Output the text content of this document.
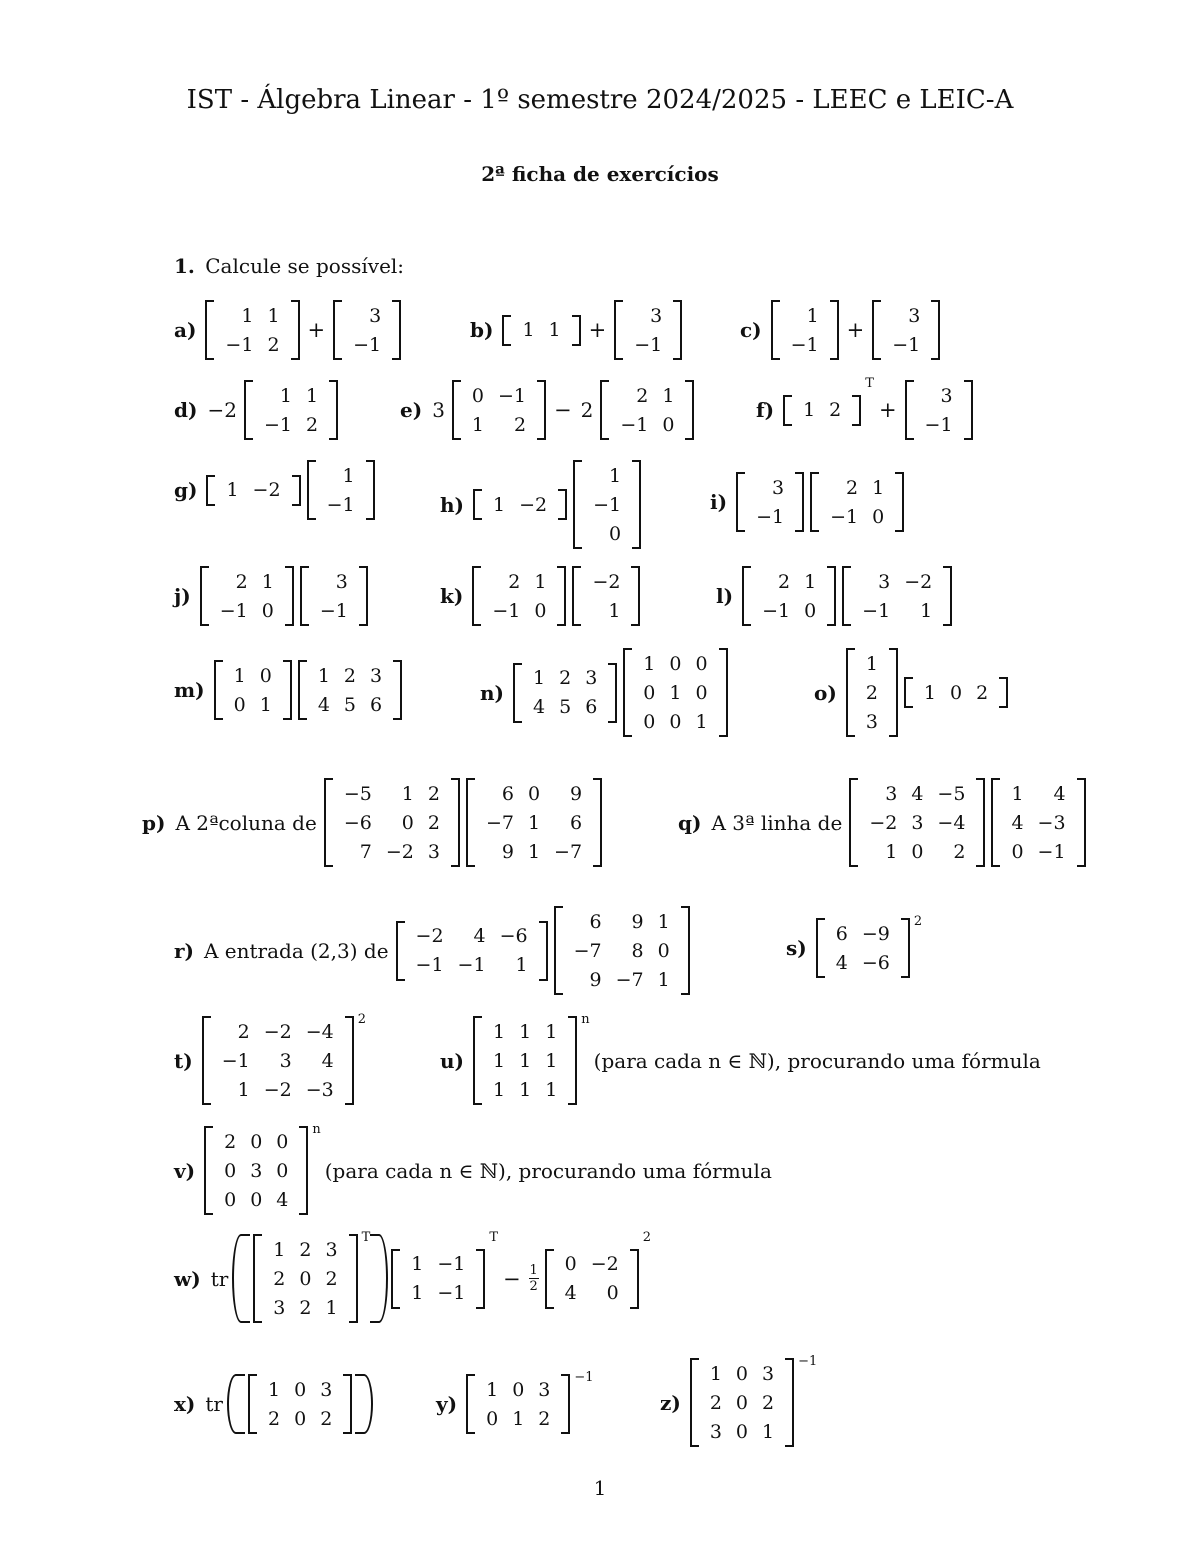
IST - Álgebra Linear - 1º semestre 2024/2025 - LEEC e LEIC-A
2ª ficha de exercícios
1. Calcule se possível:
a)
1 1
−1 2
+
3
−1
b)	1 1	+
3
−1
c)
1
−1
+
3
−1
d) −2
1 1
−1 2
e) 3
0 −1
1	2
− 2
2 1
−1 0
f)	1 2
T
+
3
−1
g)	1 −2
1
−1	h)	1 −2
1
−1
0
i)
3
−1
2 1
−1 0
j)
2 1
−1 0
3
−1
k)
2 1
−1 0
−2
1
l)
2 1
−1 0
3 −2
−1	1
m)
1 0
0 1
1 2 3
4 5 6	n)
1 2 3
4 5 6
1 0 0
0 1 0
0 0 1
o)
1
2
3
1 0 2
p) A 2ªcoluna de
−5	1 2
−6	0 2
7 −2 3
6 0	9
−7 1	6
9 1 −7
q) A 3ª linha de
3 4 −5
−2 3 −4
1 0	2
1	4
4 −3
0 −1
r) A entrada (2,3) de
−2	4 −6
−1 −1	1
6	9 1
−7	8 0
9 −7 1
s)
6 −9
4 −6
2
t)
2 −2 −4
−1	3	4
1 −2 −3
2
u)
1 1 1
1 1 1
1 1 1
n
(para cada n ∈ ℕ), procurando uma fórmula
v)
2 0 0
0 3 0
0 0 4
n
(para cada n ∈ ℕ), procurando uma fórmula
w) tr
1 2 3
2 0 2
3 2 1
T
1 −1
1 −1
T
− $\frac{1}{2}$	0 −2
4	0
2
x) tr
1 0 3
2 0 2
y)
1 0 3
0 1 2
−1
z)
1 0 3
2 0 2
3 0 1
−1
1
